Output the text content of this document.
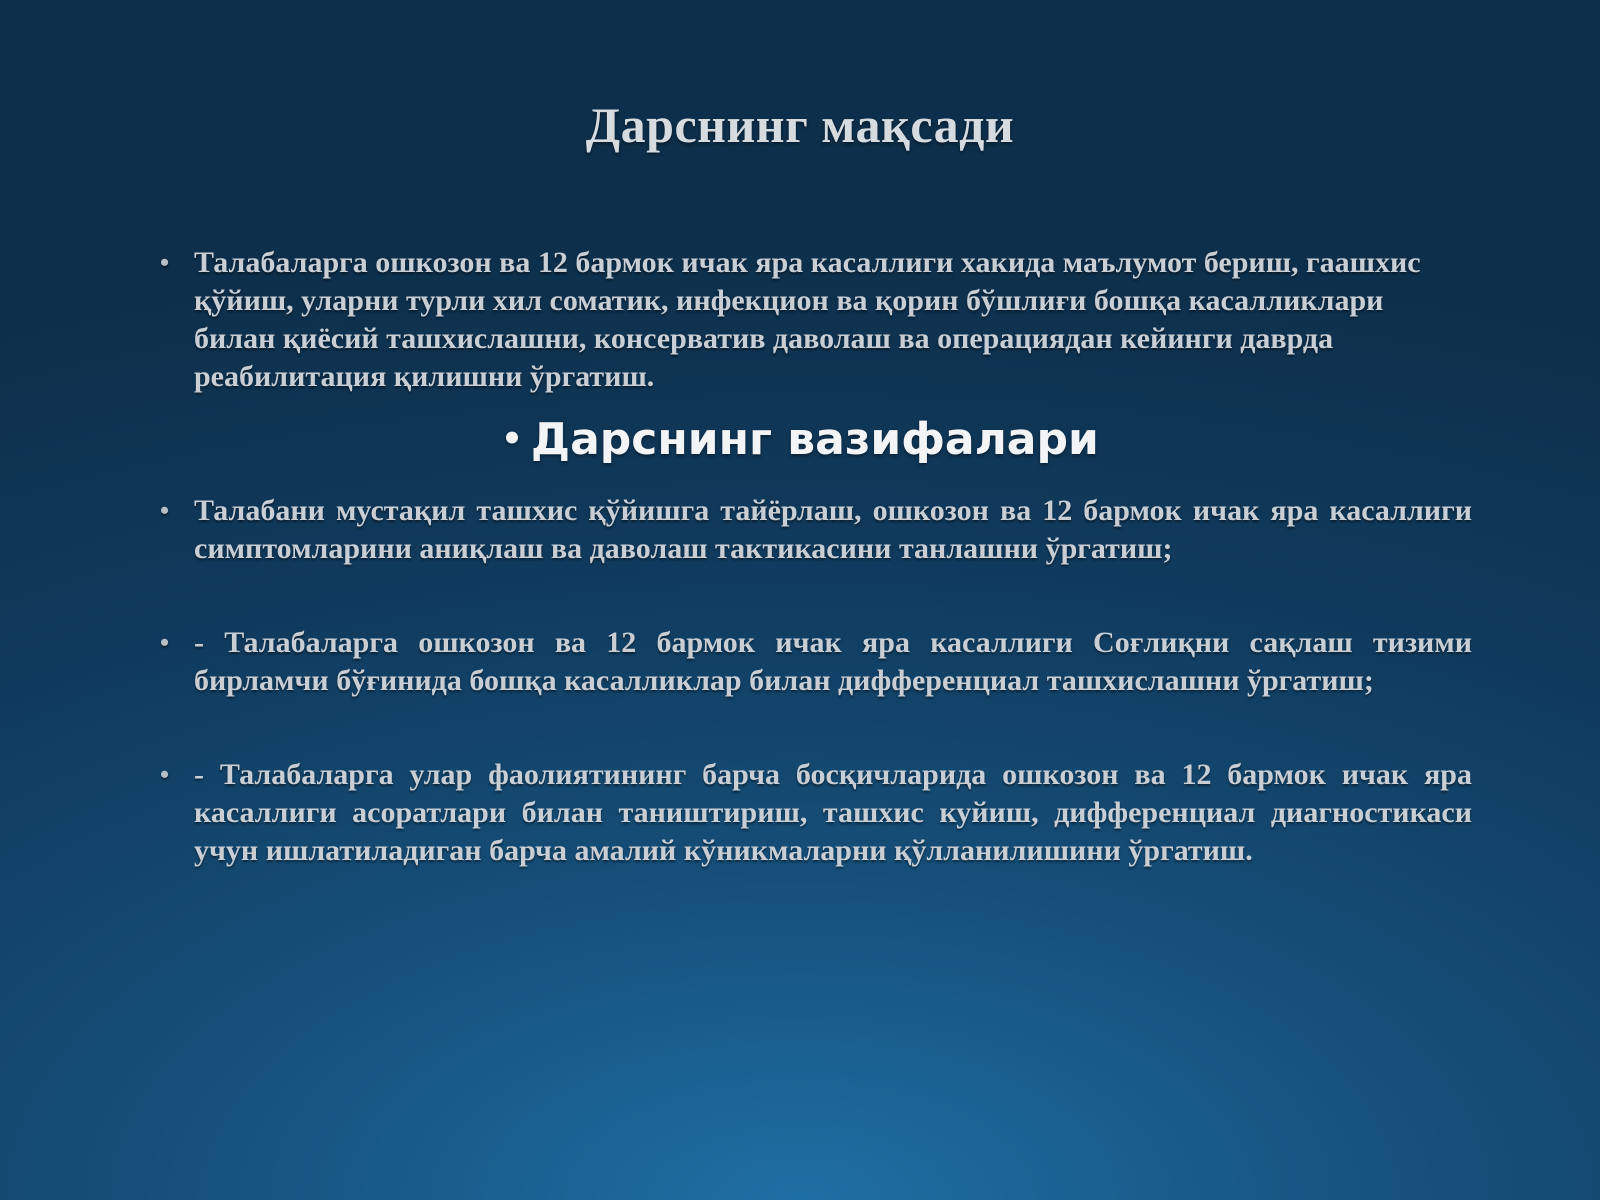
Дарснинг мақсади
• Талабаларга ошкозон ва 12 бармок ичак яра касаллиги хакида маълумот бериш, гаашхис қўйиш, уларни турли хил соматик, инфекцион ва қорин бўшлиғи бошқа касалликлари билан қиёсий ташхислашни, консерватив даволаш ва операциядан кейинги даврда реабилитация қилишни ўргатиш.
• Дарснинг вазифалари
• Талабани мустақил ташхис қўйишга тайёрлаш, ошкозон ва 12 бармок ичак яра касаллиги симптомларини аниқлаш ва даволаш тактикасини танлашни ўргатиш;
• - Талабаларга ошкозон ва 12 бармок ичак яра касаллиги Соғлиқни сақлаш тизими бирламчи бўғинида бошқа касалликлар билан дифференциал ташхислашни ўргатиш;
• - Талабаларга улар фаолиятининг барча босқичларида ошкозон ва 12 бармок ичак яра касаллиги асоратлари билан таништириш, ташхис куйиш, дифференциал диагностикаси учун ишлатиладиган барча амалий кўникмаларни қўлланилишини ўргатиш.
